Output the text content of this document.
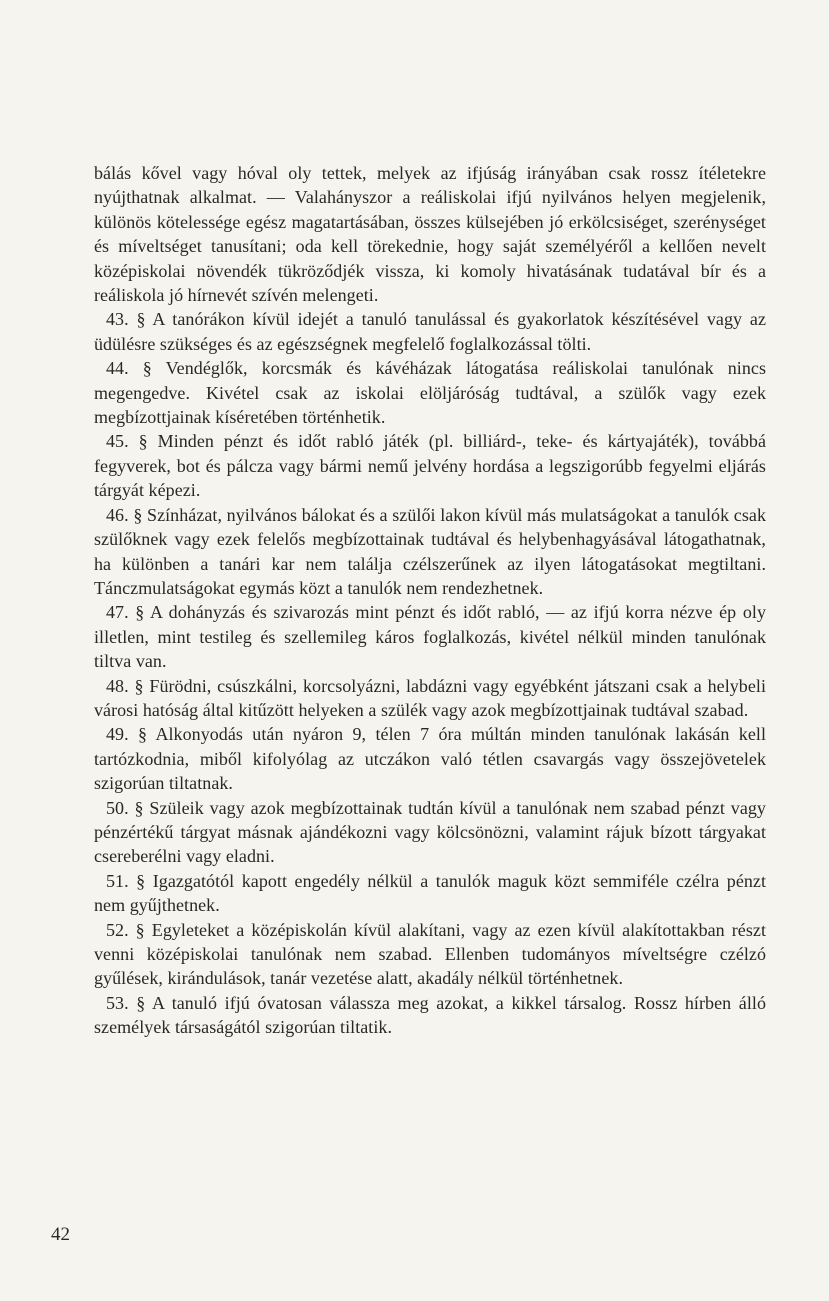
bálás kővel vagy hóval oly tettek, melyek az ifjúság irányában csak rossz ítéletekre nyújthatnak alkalmat. — Valahányszor a reáliskolai ifjú nyilvános helyen megjelenik, különös kötelessége egész magatartásában, összes külsejében jó erkölcsiséget, szerénységet és míveltséget tanusítani; oda kell törekednie, hogy saját személyéről a kellően nevelt középiskolai növendék tükröződjék vissza, ki komoly hivatásának tudatával bír és a reáliskola jó hírnevét szívén melengeti.

43. § A tanórákon kívül idejét a tanuló tanulással és gyakorlatok készítésével vagy az üdülésre szükséges és az egészségnek megfelelő foglalkozással tölti.

44. § Vendéglők, korcsmák és kávéházak látogatása reáliskolai tanulónak nincs megengedve. Kivétel csak az iskolai elöljáróság tudtával, a szülők vagy ezek megbízottjainak kíséretében történhetik.

45. § Minden pénzt és időt rabló játék (pl. billiárd-, teke- és kártyajáték), továbbá fegyverek, bot és pálcza vagy bármi nemű jelvény hordása a legszigorúbb fegyelmi eljárás tárgyát képezi.

46. § Színházat, nyilvános bálokat és a szülői lakon kívül más mulatságokat a tanulók csak szülőknek vagy ezek felelős megbízottainak tudtával és helybenhagyásával látogathatnak, ha különben a tanári kar nem találja czélszerűnek az ilyen látogatásokat megtiltani. Tánczmulatságokat egymás közt a tanulók nem rendezhetnek.

47. § A dohányzás és szivarozás mint pénzt és időt rabló, — az ifjú korra nézve ép oly illetlen, mint testileg és szellemileg káros foglalkozás, kivétel nélkül minden tanulónak tiltva van.

48. § Fürödni, csúszkálni, korcsolyázni, labdázni vagy egyébként játszani csak a helybeli városi hatóság által kitűzött helyeken a szülék vagy azok megbízottjainak tudtával szabad.

49. § Alkonyodás után nyáron 9, télen 7 óra múltán minden tanulónak lakásán kell tartózkodnia, miből kifolyólag az utczákon való tétlen csavargás vagy összejövetelek szigorúan tiltatnak.

50. § Szüleik vagy azok megbízottainak tudtán kívül a tanulónak nem szabad pénzt vagy pénzértékű tárgyat másnak ajándékozni vagy kölcsönözni, valamint rájuk bízott tárgyakat csereberélni vagy eladni.

51. § Igazgatótól kapott engedély nélkül a tanulók maguk közt semmiféle czélra pénzt nem gyűjthetnek.

52. § Egyleteket a középiskolán kívül alakítani, vagy az ezen kívül alakítottakban részt venni középiskolai tanulónak nem szabad. Ellenben tudományos míveltségre czélzó gyűlések, kirándulások, tanár vezetése alatt, akadály nélkül történhetnek.

53. § A tanuló ifjú óvatosan válassza meg azokat, a kikkel társalog. Rossz hírben álló személyek társaságától szigorúan tiltatik.

42
